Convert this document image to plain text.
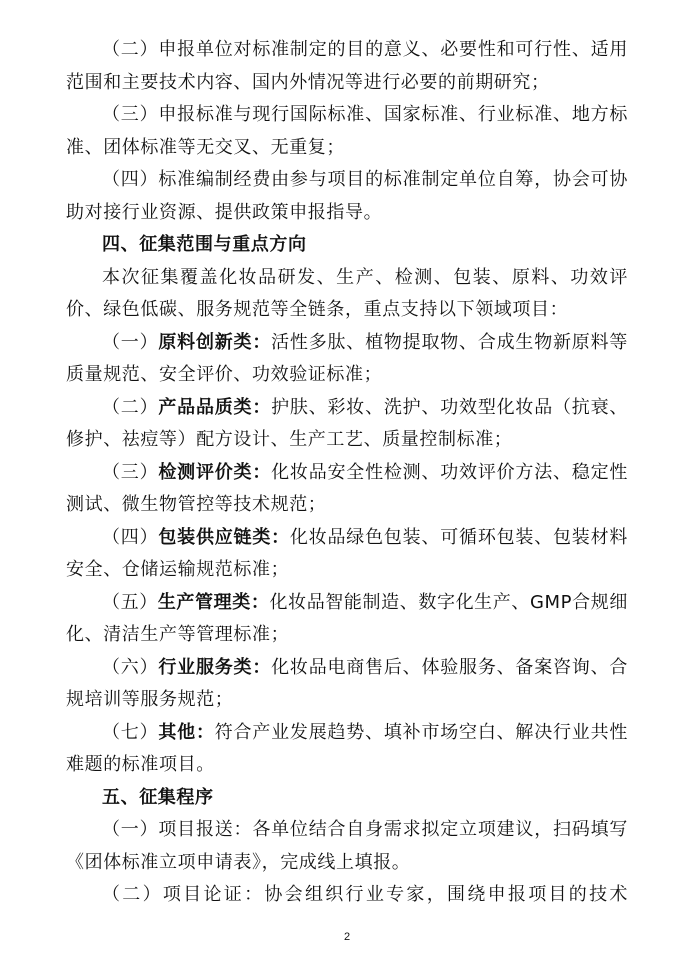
（二）申报单位对标准制定的目的意义、必要性和可行性、适用范围和主要技术内容、国内外情况等进行必要的前期研究；

（三）申报标准与现行国际标准、国家标准、行业标准、地方标准、团体标准等无交叉、无重复；

（四）标准编制经费由参与项目的标准制定单位自筹，协会可协助对接行业资源、提供政策申报指导。

四、征集范围与重点方向

本次征集覆盖化妆品研发、生产、检测、包装、原料、功效评价、绿色低碳、服务规范等全链条，重点支持以下领域项目：

（一）原料创新类：活性多肽、植物提取物、合成生物新原料等质量规范、安全评价、功效验证标准；

（二）产品品质类：护肤、彩妆、洗护、功效型化妆品（抗衰、修护、祛痘等）配方设计、生产工艺、质量控制标准；

（三）检测评价类：化妆品安全性检测、功效评价方法、稳定性测试、微生物管控等技术规范；

（四）包装供应链类：化妆品绿色包装、可循环包装、包装材料安全、仓储运输规范标准；

（五）生产管理类：化妆品智能制造、数字化生产、GMP合规细化、清洁生产等管理标准；

（六）行业服务类：化妆品电商售后、体验服务、备案咨询、合规培训等服务规范；

（七）其他：符合产业发展趋势、填补市场空白、解决行业共性难题的标准项目。

五、征集程序

（一）项目报送：各单位结合自身需求拟定立项建议，扫码填写《团体标准立项申请表》，完成线上填报。

（二）项目论证：协会组织行业专家，围绕申报项目的技术

2
